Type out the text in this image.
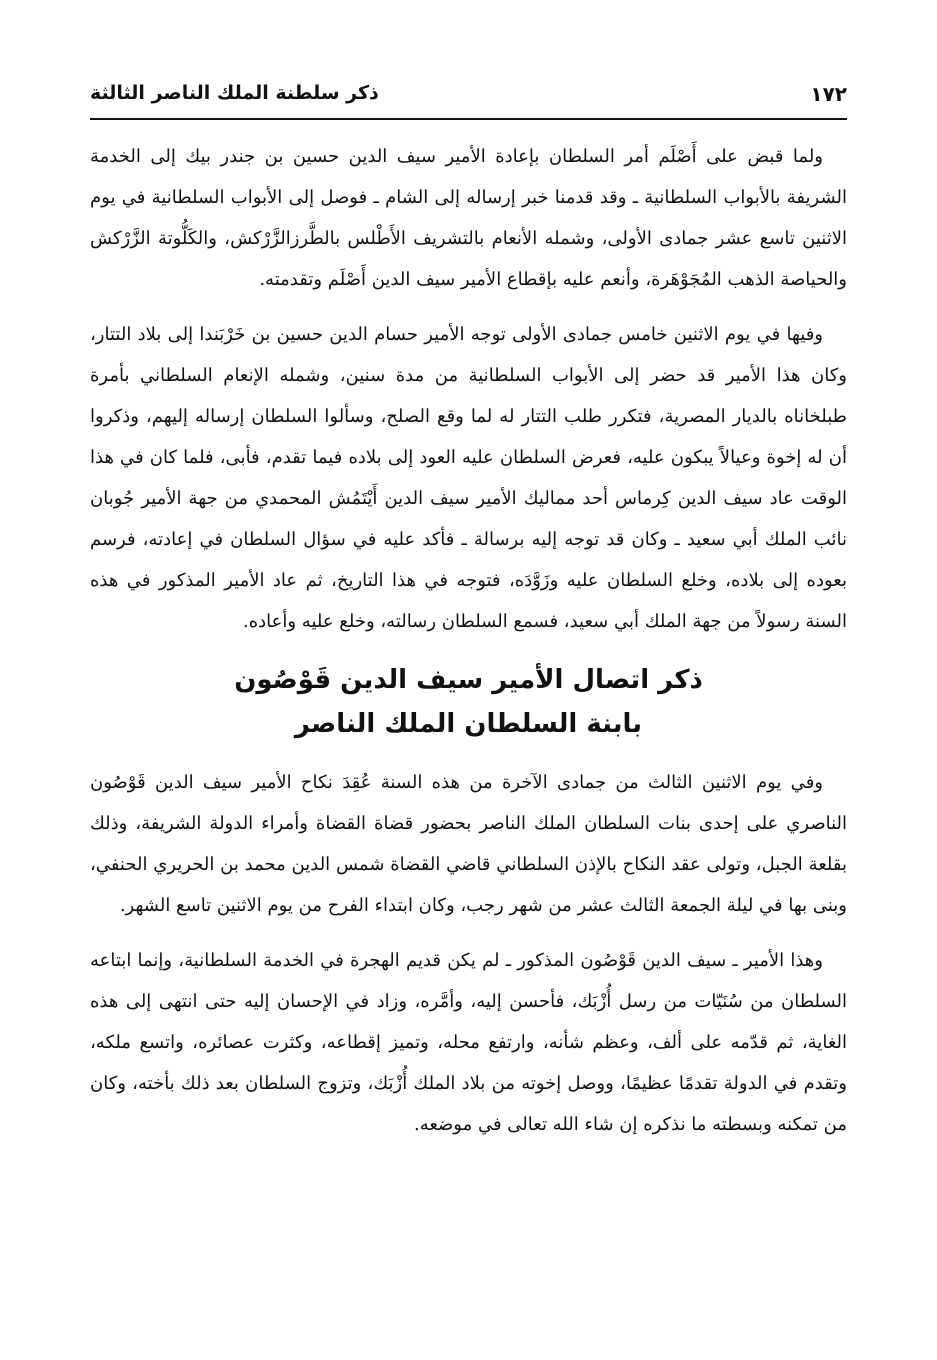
١٧٢
ذكر سلطنة الملك الناصر الثالثة

ولما قبض على أَصْلَم أمر السلطان بإعادة الأمير سيف الدين حسين بن جندر بيك إلى الخدمة الشريفة بالأبواب السلطانية ـ وقد قدمنا خبر إرساله إلى الشام ـ فوصل إلى الأبواب السلطانية في يوم الاثنين تاسع عشر جمادى الأولى، وشمله الأنعام بالتشريف الأَطْلس بالطَّرزالزَّرْكش، والكَلُّوتة الزَّرْكش والحياصة الذهب المُجَوْهَرة، وأنعم عليه بإقطاع الأمير سيف الدين أَصْلَم وتقدمته.

وفيها في يوم الاثنين خامس جمادى الأولى توجه الأمير حسام الدين حسين بن خَرْبَندا إلى بلاد التتار، وكان هذا الأمير قد حضر إلى الأبواب السلطانية من مدة سنين، وشمله الإنعام السلطاني بأمرة طبلخاناه بالديار المصرية، فتكرر طلب التتار له لما وقع الصلح، وسألوا السلطان إرساله إليهم، وذكروا أن له إخوة وعيالاً يبكون عليه، فعرض السلطان عليه العود إلى بلاده فيما تقدم، فأبى، فلما كان في هذا الوقت عاد سيف الدين كِرماس أحد مماليك الأمير سيف الدين أَيْتَمُش المحمدي من جهة الأمير جُوبان نائب الملك أبي سعيد ـ وكان قد توجه إليه برسالة ـ فأكد عليه في سؤال السلطان في إعادته، فرسم بعوده إلى بلاده، وخلع السلطان عليه وزَوَّدَه، فتوجه في هذا التاريخ، ثم عاد الأمير المذكور في هذه السنة رسولاً من جهة الملك أبي سعيد، فسمع السلطان رسالته، وخلع عليه وأعاده.

ذكر اتصال الأمير سيف الدين قَوْصُون
بابنة السلطان الملك الناصر

وفي يوم الاثنين الثالث من جمادى الآخرة من هذه السنة عُقِدَ نكاح الأمير سيف الدين قَوْصُون الناصري على إحدى بنات السلطان الملك الناصر بحضور قضاة القضاة وأمراء الدولة الشريفة، وذلك بقلعة الجبل، وتولى عقد النكاح بالإذن السلطاني قاضي القضاة شمس الدين محمد بن الحريري الحنفي، وبنى بها في ليلة الجمعة الثالث عشر من شهر رجب، وكان ابتداء الفرح من يوم الاثنين تاسع الشهر.

وهذا الأمير ـ سيف الدين قَوْصُون المذكور ـ لم يكن قديم الهجرة في الخدمة السلطانية، وإنما ابتاعه السلطان من سُنَيّات من رسل أُزْبَك، فأحسن إليه، وأمَّره، وزاد في الإحسان إليه حتى انتهى إلى هذه الغاية، ثم قدّمه على ألف، وعظم شأنه، وارتفع محله، وتميز إقطاعه، وكثرت عصائره، واتسع ملكه، وتقدم في الدولة تقدمًا عظيمًا، ووصل إخوته من بلاد الملك أُزْبَك، وتزوج السلطان بعد ذلك بأخته، وكان من تمكنه وبسطته ما نذكره إن شاء الله تعالى في موضعه.
